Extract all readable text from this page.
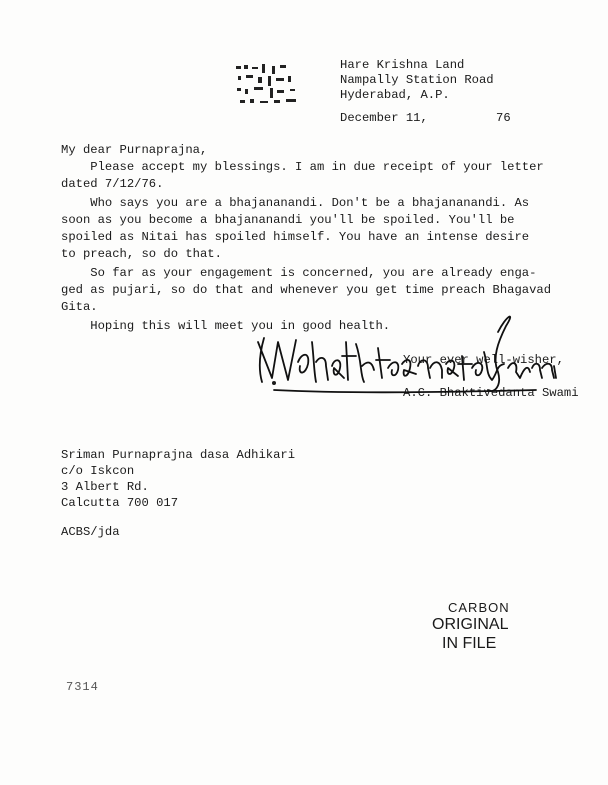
Hare Krishna Land
Nampally Station Road
Hyderabad, A.P.
December 11,	76
My dear Purnaprajna,
Please accept my blessings. I am in due receipt of your letter
dated 7/12/76.
Who says you are a bhajananandi. Don't be a bhajananandi. As
soon as you become a bhajananandi you'll be spoiled. You'll be
spoiled as Nitai has spoiled himself. You have an intense desire
to preach, so do that.
So far as your engagement is concerned, you are already enga-
ged as pujari, so do that and whenever you get time preach Bhagavad
Gita.
Hoping this will meet you in good health.
Your ever well-wisher,
A.C. Bhaktivedanta Swami
Sriman Purnaprajna dasa Adhikari
c/o Iskcon
3 Albert Rd.
Calcutta 700 017
ACBS/jda
CARBON
ORIGINAL
IN FILE
7314
